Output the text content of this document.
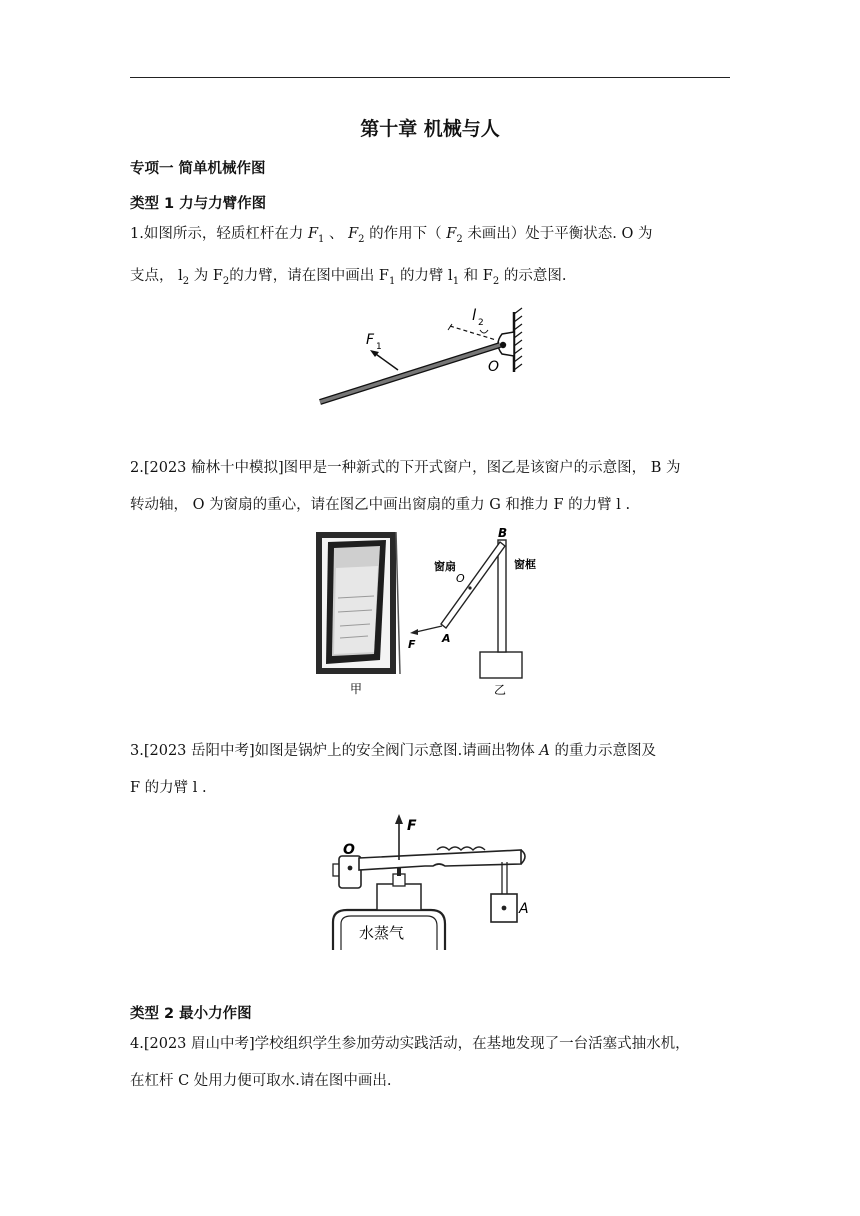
第十章 机械与人
专项一 简单机械作图
类型 1 力与力臂作图
1.如图所示，轻质杠杆在力 $F_1$ 、 $F_2$ 的作用下（ $F_2$ 未画出）处于平衡状态. O 为
支点， $l_2$ 为 $F_2$的力臂，请在图中画出 $F_1$ 的力臂 $l_1$ 和 $F_2$ 的示意图.
F 1
l 2
O
2.[2023 榆林十中模拟]图甲是一种新式的下开式窗户，图乙是该窗户的示意图， B 为
转动轴， O 为窗扇的重心，请在图乙中画出窗扇的重力 G 和推力 F 的力臂 l .
甲
B
O
A
F
窗扇	窗框
乙
3.[2023 岳阳中考]如图是锅炉上的安全阀门示意图.请画出物体 A 的重力示意图及
F 的力臂 l .
水蒸气
O
A
F
类型 2 最小力作图
4.[2023 眉山中考]学校组织学生参加劳动实践活动，在基地发现了一台活塞式抽水机，
在杠杆 C 处用力便可取水.请在图中画出.
